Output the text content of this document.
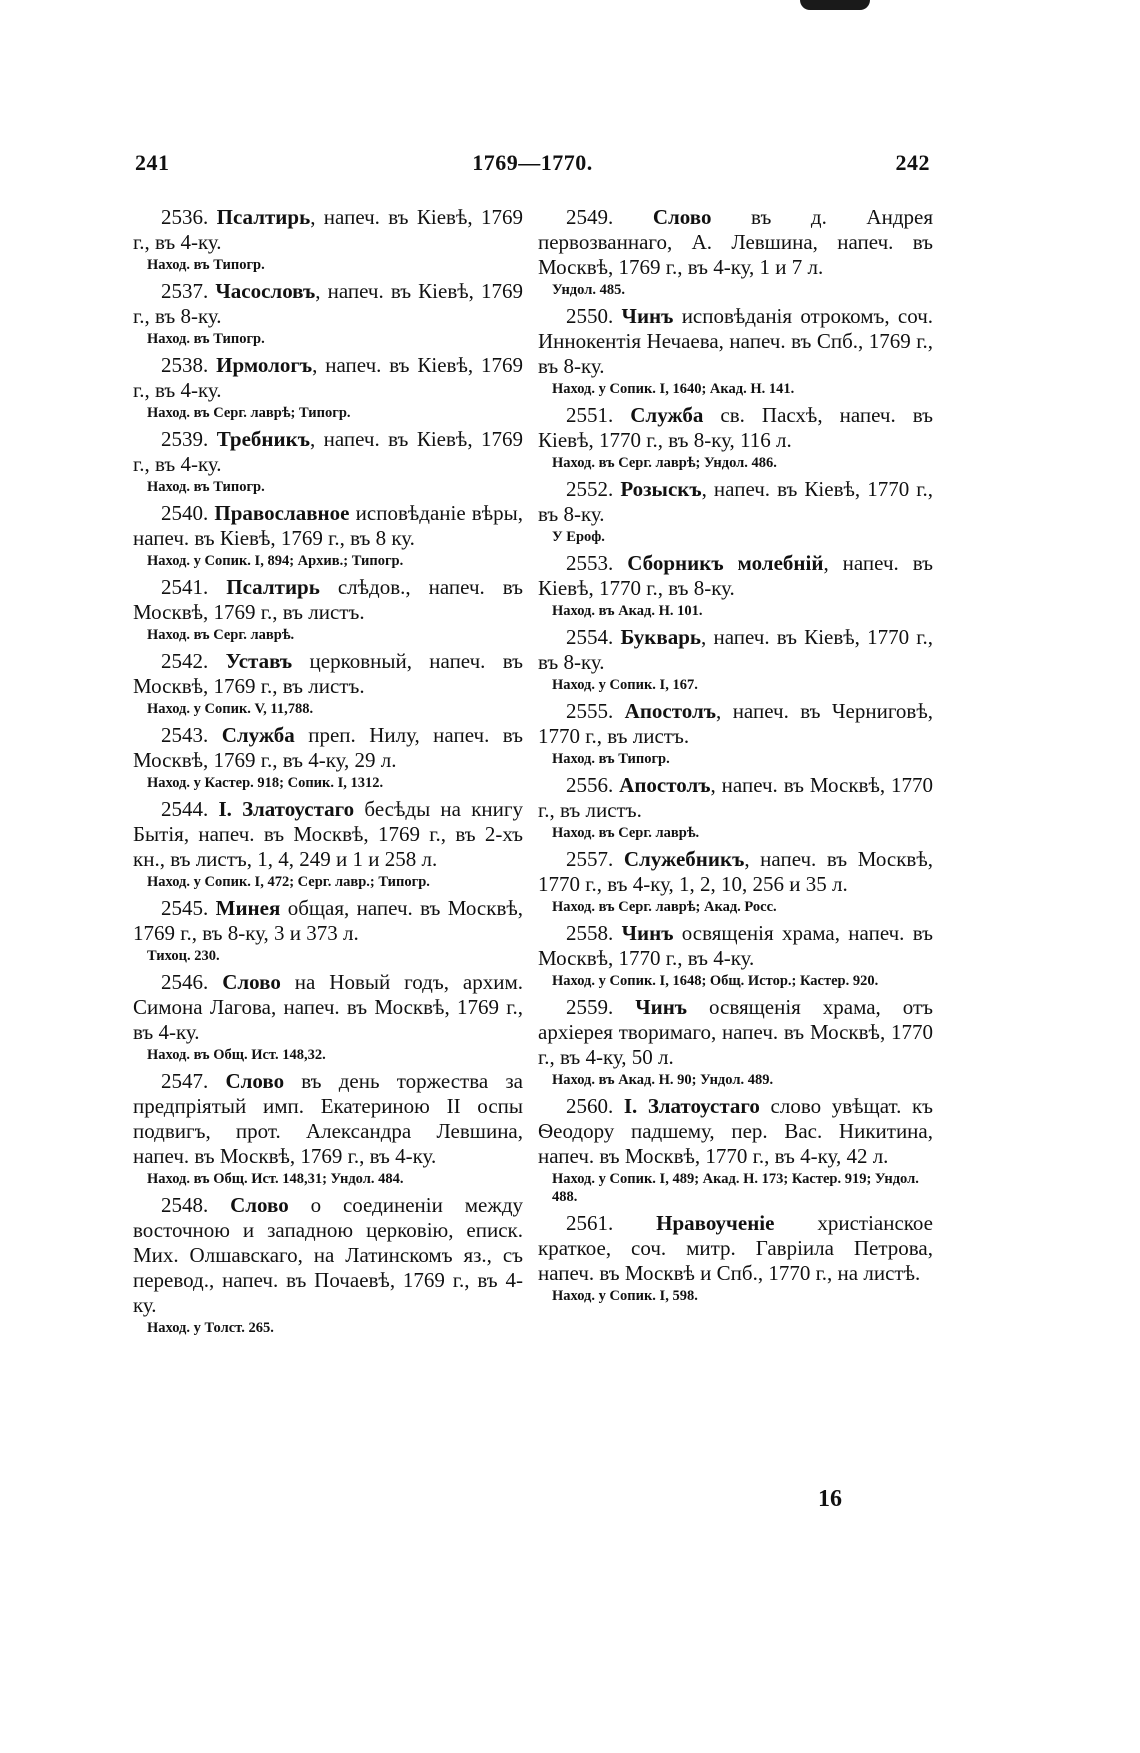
241	1769—1770.	242
2536. Псалтирь, напеч. въ Кіевѣ, 1769 г., въ 4-ку.
Наход. въ Типогр.
2537. Часословъ, напеч. въ Кіевѣ, 1769 г., въ 8-ку.
Наход. въ Типогр.
2538. Ирмологъ, напеч. въ Кіевѣ, 1769 г., въ 4-ку.
Наход. въ Серг. лаврѣ; Типогр.
2539. Требникъ, напеч. въ Кіевѣ, 1769 г., въ 4-ку.
Наход. въ Типогр.
2540. Православное исповѣданіе вѣры, напеч. въ Кіевѣ, 1769 г., въ 8 ку.
Наход. у Сопик. I, 894; Архив.; Типогр.
2541. Псалтирь слѣдов., напеч. въ Москвѣ, 1769 г., въ листъ.
Наход. въ Серг. лаврѣ.
2542. Уставъ церковный, напеч. въ Москвѣ, 1769 г., въ листъ.
Наход. у Сопик. V, 11,788.
2543. Служба преп. Нилу, напеч. въ Москвѣ, 1769 г., въ 4-ку, 29 л.
Наход. у Кастер. 918; Сопик. I, 1312.
2544. І. Златоустаго бесѣды на книгу Бытія, напеч. въ Москвѣ, 1769 г., въ 2-хъ кн., въ листъ, 1, 4, 249 и 1 и 258 л.
Наход. у Сопик. I, 472; Серг. лавр.; Типогр.
2545. Минея общая, напеч. въ Москвѣ, 1769 г., въ 8-ку, 3 и 373 л.
Тихоц. 230.
2546. Слово на Новый годъ, архим. Симона Лагова, напеч. въ Москвѣ, 1769 г., въ 4-ку.
Наход. въ Общ. Ист. 148,32.
2547. Слово въ день торжества за предпріятый имп. Екатериною II оспы подвигъ, прот. Александра Левшина, напеч. въ Москвѣ, 1769 г., въ 4-ку.
Наход. въ Общ. Ист. 148,31; Ундол. 484.
2548. Слово о соединеніи между восточною и западною церковію, еписк. Мих. Олшавскаго, на Латинскомъ яз., съ перевод., напеч. въ Почаевѣ, 1769 г., въ 4-ку.
Наход. у Толст. 265.
2549. Слово въ д. Андрея первозваннаго, А. Левшина, напеч. въ Москвѣ, 1769 г., въ 4-ку, 1 и 7 л.
Ундол. 485.
2550. Чинъ исповѣданія отрокомъ, соч. Иннокентія Нечаева, напеч. въ Спб., 1769 г., въ 8-ку.
Наход. у Сопик. I, 1640; Акад. Н. 141.
2551. Служба св. Пасхѣ, напеч. въ Кіевѣ, 1770 г., въ 8-ку, 116 л.
Наход. въ Серг. лаврѣ; Ундол. 486.
2552. Розыскъ, напеч. въ Кіевѣ, 1770 г., въ 8-ку.
У Ероф.
2553. Сборникъ молебній, напеч. въ Кіевѣ, 1770 г., въ 8-ку.
Наход. въ Акад. Н. 101.
2554. Букварь, напеч. въ Кіевѣ, 1770 г., въ 8-ку.
Наход. у Сопик. I, 167.
2555. Апостолъ, напеч. въ Черниговѣ, 1770 г., въ листъ.
Наход. въ Типогр.
2556. Апостолъ, напеч. въ Москвѣ, 1770 г., въ листъ.
Наход. въ Серг. лаврѣ.
2557. Служебникъ, напеч. въ Москвѣ, 1770 г., въ 4-ку, 1, 2, 10, 256 и 35 л.
Наход. въ Серг. лаврѣ; Акад. Росс.
2558. Чинъ освященія храма, напеч. въ Москвѣ, 1770 г., въ 4-ку.
Наход. у Сопик. I, 1648; Общ. Истор.; Кастер. 920.
2559. Чинъ освященія храма, отъ архіерея творимаго, напеч. въ Москвѣ, 1770 г., въ 4-ку, 50 л.
Наход. въ Акад. Н. 90; Ундол. 489.
2560. І. Златоустаго слово увѣщат. къ Ѳеодору падшему, пер. Вас. Никитина, напеч. въ Москвѣ, 1770 г., въ 4-ку, 42 л.
Наход. у Сопик. I, 489; Акад. Н. 173; Кастер. 919; Ундол. 488.
2561. Нравоученіе христіанское краткое, соч. митр. Гавріила Петрова, напеч. въ Москвѣ и Спб., 1770 г., на листѣ.
Наход. у Сопик. I, 598.
16
